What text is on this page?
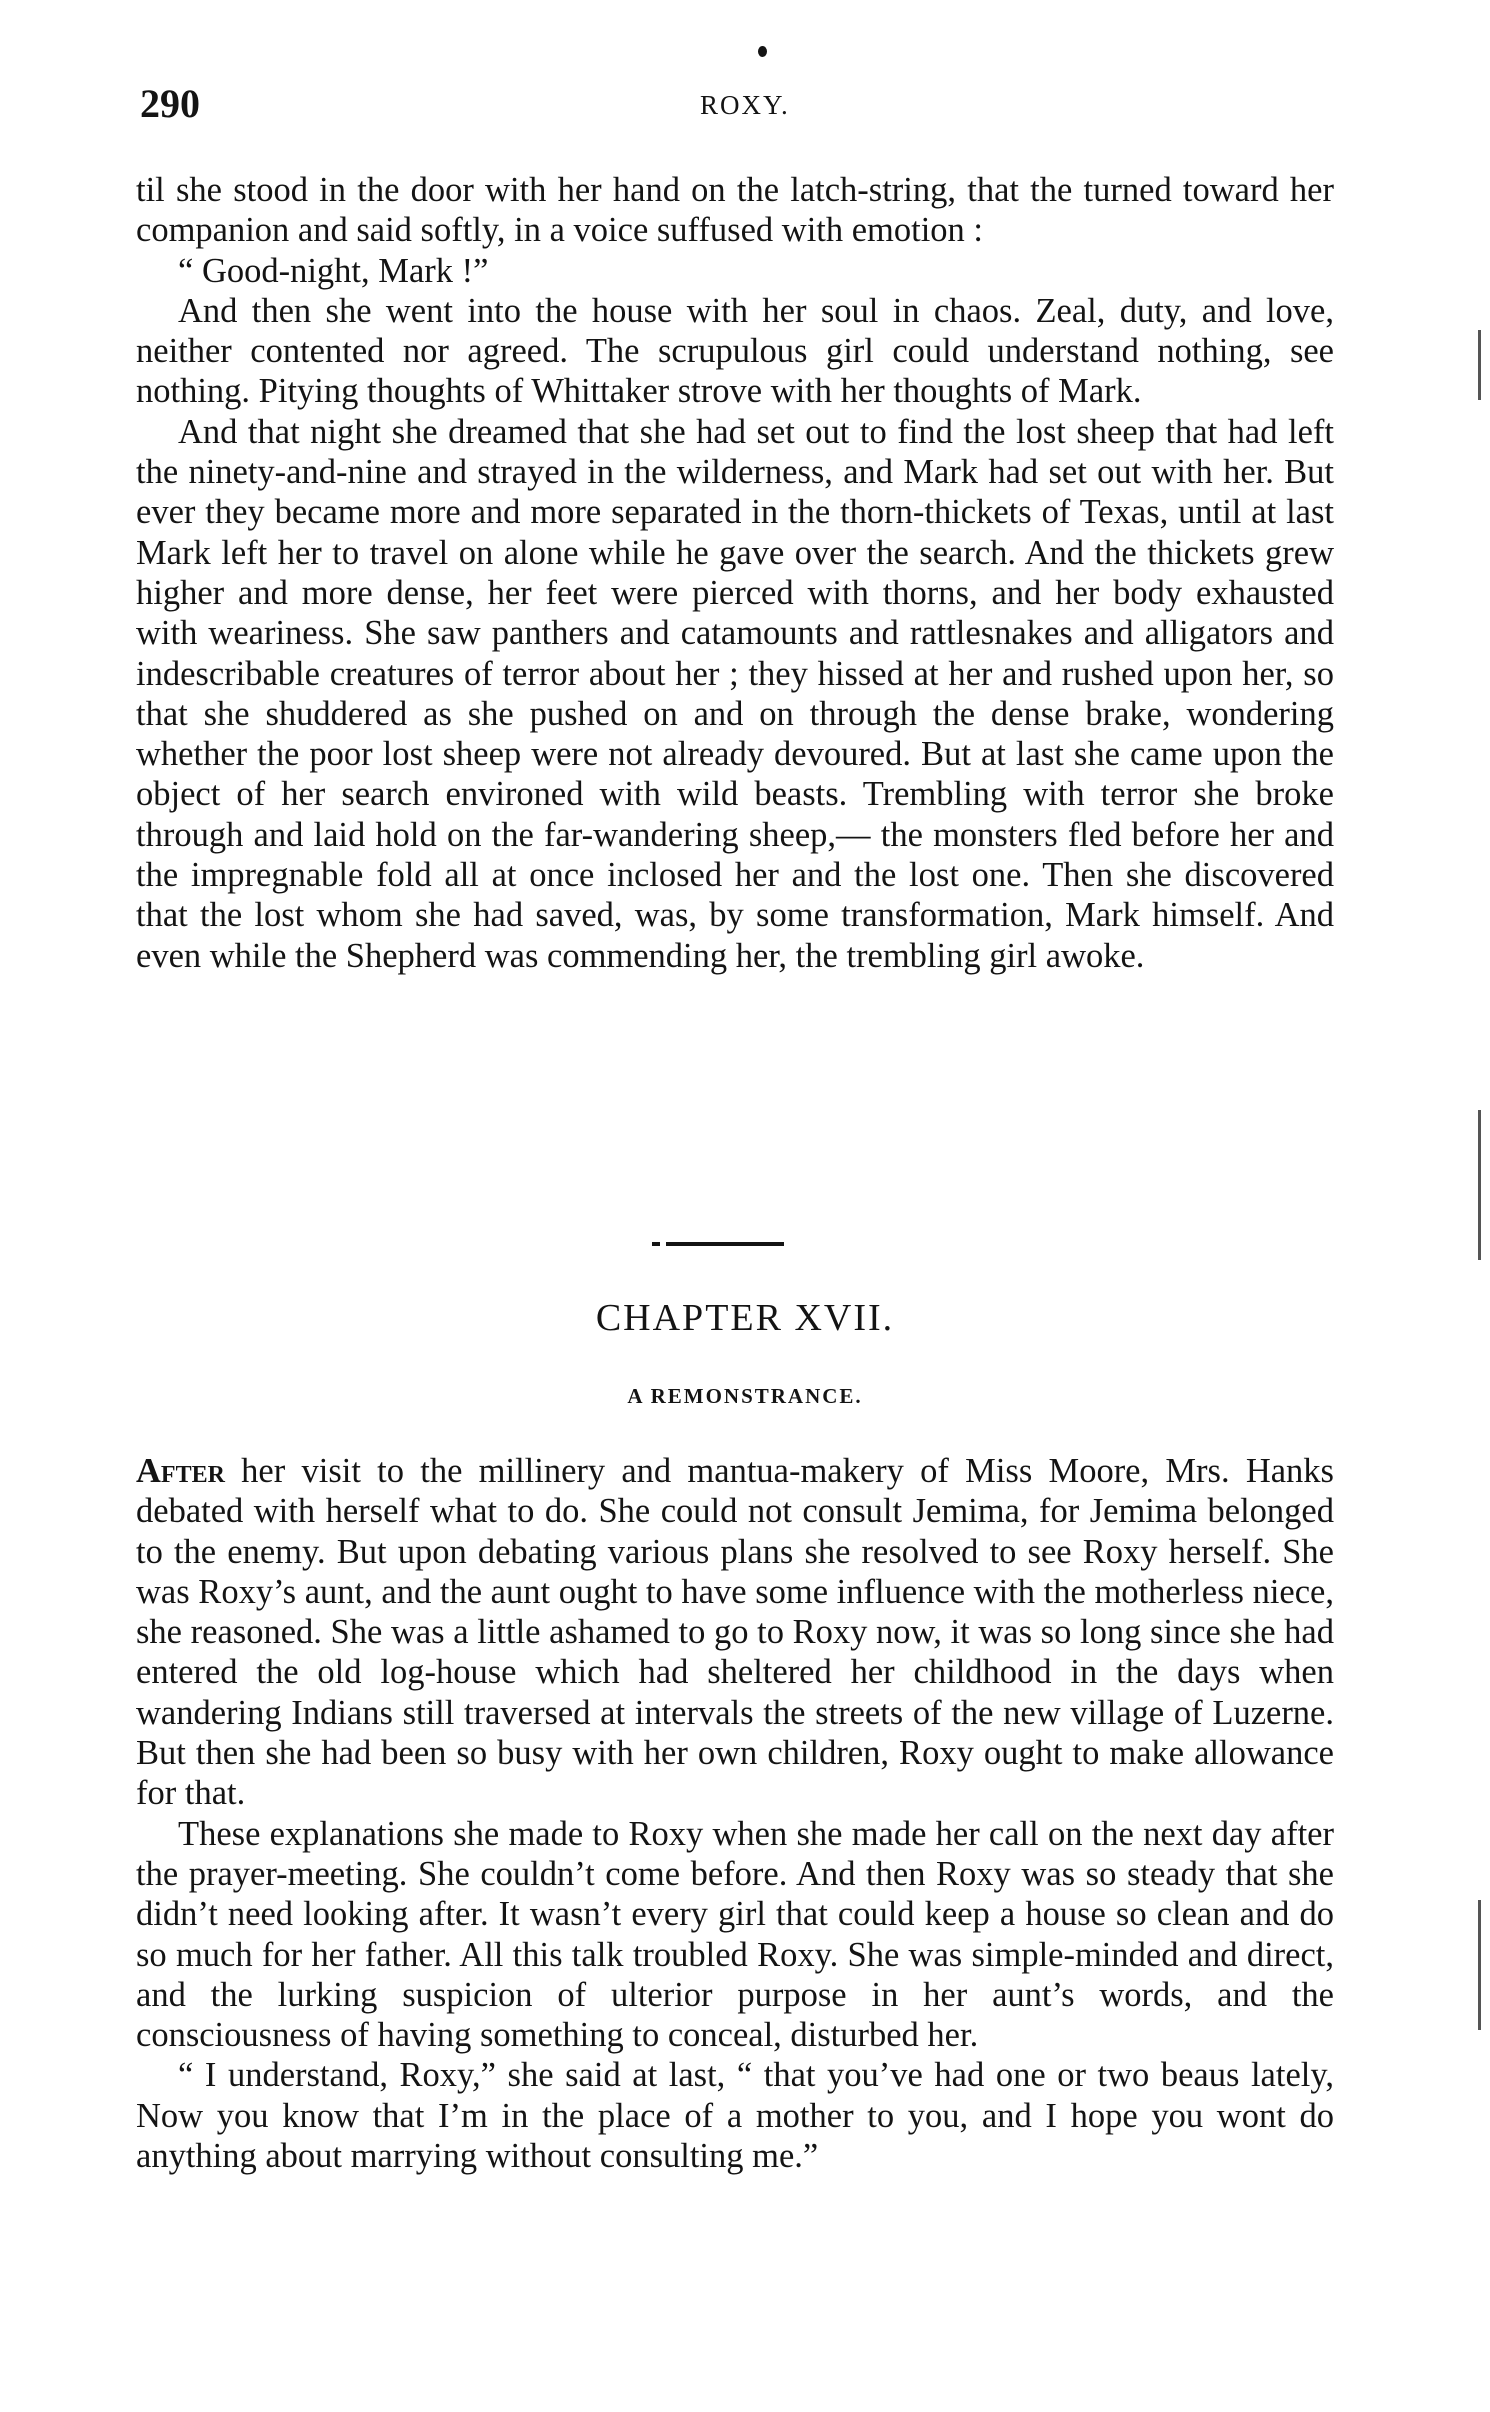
290	ROXY.

til she stood in the door with her hand on the latch-string, that the turned toward her companion and said softly, in a voice suffused with emotion :

“ Good-night, Mark !”

And then she went into the house with her soul in chaos. Zeal, duty, and love, neither contented nor agreed. The scrupulous girl could understand nothing, see nothing. Pitying thoughts of Whittaker strove with her thoughts of Mark.

And that night she dreamed that she had set out to find the lost sheep that had left the ninety-and-nine and strayed in the wilderness, and Mark had set out with her. But ever they became more and more separated in the thorn-thickets of Texas, until at last Mark left her to travel on alone while he gave over the search. And the thickets grew higher and more dense, her feet were pierced with thorns, and her body exhausted with weariness. She saw panthers and catamounts and rattlesnakes and alligators and indescribable creatures of terror about her ; they hissed at her and rushed upon her, so that she shuddered as she pushed on and on through the dense brake, wondering whether the poor lost sheep were not already devoured. But at last she came upon the object of her search environed with wild beasts. Trembling with terror she broke through and laid hold on the far-wandering sheep,— the monsters fled before her and the impregnable fold all at once inclosed her and the lost one. Then she discovered that the lost whom she had saved, was, by some transformation, Mark himself. And even while the Shepherd was commending her, the trembling girl awoke.

CHAPTER XVII.
A REMONSTRANCE.

After her visit to the millinery and mantua-makery of Miss Moore, Mrs. Hanks debated with herself what to do. She could not consult Jemima, for Jemima belonged to the enemy. But upon debating various plans she resolved to see Roxy herself. She was Roxy’s aunt, and the aunt ought to have some influence with the motherless niece, she reasoned. She was a little ashamed to go to Roxy now, it was so long since she had entered the old log-house which had sheltered her childhood in the days when wandering Indians still traversed at intervals the streets of the new village of Luzerne. But then she had been so busy with her own children, Roxy ought to make allowance for that.

These explanations she made to Roxy when she made her call on the next day after the prayer-meeting. She couldn’t come before. And then Roxy was so steady that she didn’t need looking after. It wasn’t every girl that could keep a house so clean and do so much for her father. All this talk troubled Roxy. She was simple-minded and direct, and the lurking suspicion of ulterior purpose in her aunt’s words, and the consciousness of having something to conceal, disturbed her.

“ I understand, Roxy,” she said at last, “ that you’ve had one or two beaus lately, Now you know that I’m in the place of a mother to you, and I hope you wont do anything about marrying without consulting me.”
